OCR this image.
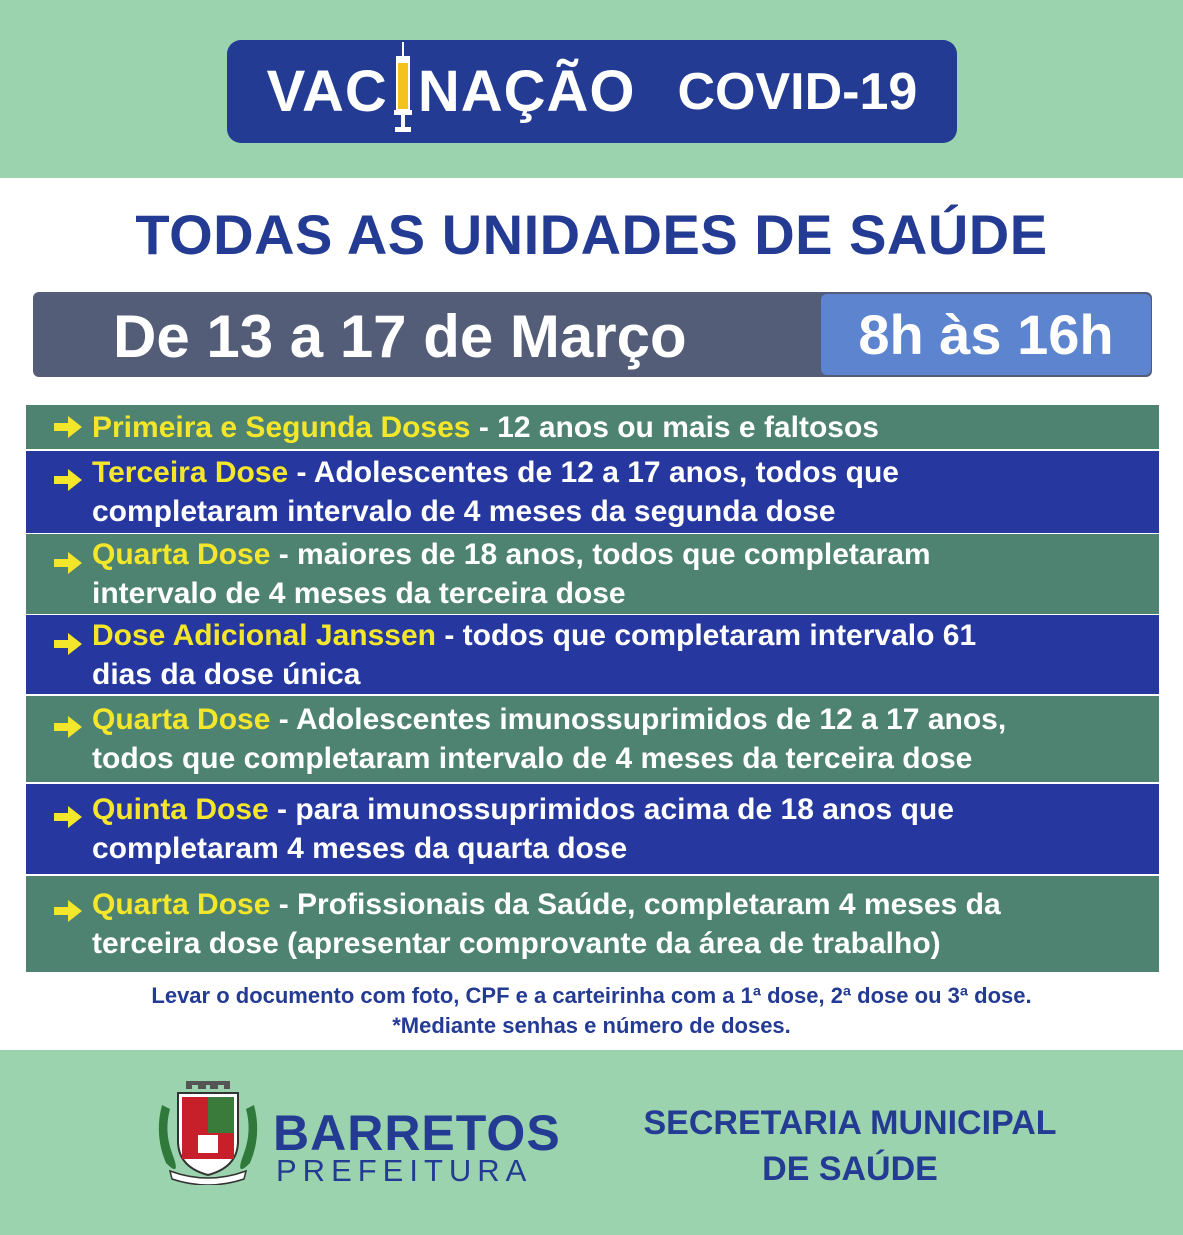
VAC NAÇÃO COVID-19
TODAS AS UNIDADES DE SAÚDE
De 13 a 17 de Março	8h às 16h
Primeira e Segunda Doses - 12 anos ou mais e faltosos
Terceira Dose - Adolescentes de 12 a 17 anos, todos que
completaram intervalo de 4 meses da segunda dose
Quarta Dose - maiores de 18 anos, todos que completaram
intervalo de 4 meses da terceira dose
Dose Adicional Janssen - todos que completaram intervalo 61
dias da dose única
Quarta Dose - Adolescentes imunossuprimidos de 12 a 17 anos,
todos que completaram intervalo de 4 meses da terceira dose
Quinta Dose - para imunossuprimidos acima de 18 anos que
completaram 4 meses da quarta dose
Quarta Dose - Profissionais da Saúde, completaram 4 meses da
terceira dose (apresentar comprovante da área de trabalho)
Levar o documento com foto, CPF e a carteirinha com a 1ª dose, 2ª dose ou 3ª dose.
*Mediante senhas e número de doses.
BARRETOS
PREFEITURA
SECRETARIA MUNICIPAL
DE SAÚDE
